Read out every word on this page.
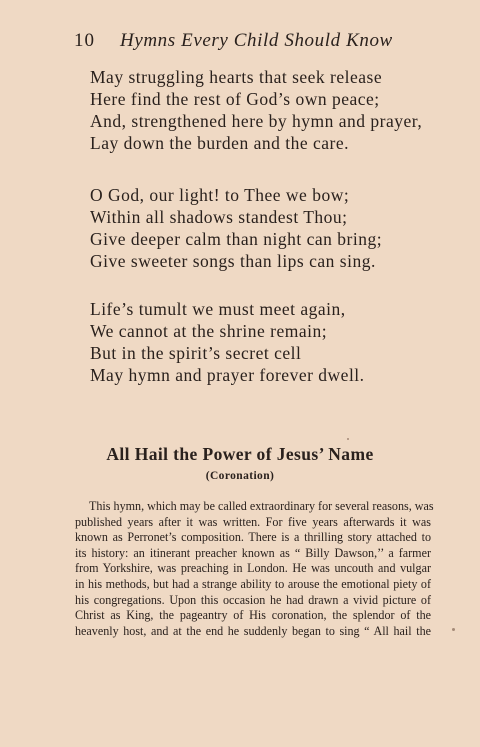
10 Hymns Every Child Should Know

May struggling hearts that seek release
Here find the rest of God’s own peace;
And, strengthened here by hymn and prayer,
Lay down the burden and the care.

O God, our light! to Thee we bow;
Within all shadows standest Thou;
Give deeper calm than night can bring;
Give sweeter songs than lips can sing.

Life’s tumult we must meet again,
We cannot at the shrine remain;
But in the spirit’s secret cell
May hymn and prayer forever dwell.

All Hail the Power of Jesus’ Name
(Coronation)
This hymn, which may be called extraordinary for several reasons, was
published years after it was written. For five years afterwards it was
known as Perronet’s composition. There is a thrilling story attached to
its history: an itinerant preacher known as “ Billy Dawson,’’ a farmer
from Yorkshire, was preaching in London. He was uncouth and vulgar
in his methods, but had a strange ability to arouse the emotional piety of
his congregations. Upon this occasion he had drawn a vivid picture of
Christ as King, the pageantry of His coronation, the splendor of the
heavenly host, and at the end he suddenly began to sing “ All hail the
